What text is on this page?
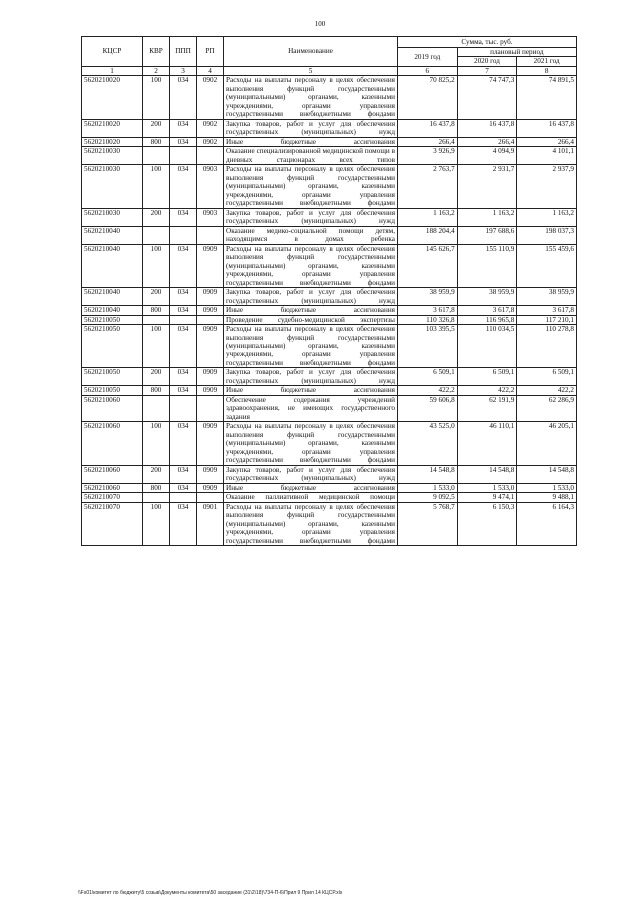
100
КЦСР	КВР	ППП	РП	Наименование	Сумма, тыс. руб.		
					2019 год	плановый период	
						2020 год	2021 год
1	2	3	4	5	6	7	8
5620210020	100	034	0902	Расходы на выплаты персоналу в целях обеспечения выполнения функций государственными (муниципальными) органами, казенными учреждениями, органами управления государственными внебюджетными фондами	70 825,2	74 747,3	74 891,5
5620210020	200	034	0902	Закупка товаров, работ и услуг для обеспечения государственных (муниципальных) нужд	16 437,8	16 437,8	16 437,8
5620210020	800	034	0902	Иные бюджетные ассигнования	266,4	266,4	266,4
5620210030				Оказание специализированной медицинской помощи в дневных стационарах всех типов	3 926,9	4 094,9	4 101,1
5620210030	100	034	0903	Расходы на выплаты персоналу в целях обеспечения выполнения функций государственными (муниципальными) органами, казенными учреждениями, органами управления государственными внебюджетными фондами	2 763,7	2 931,7	2 937,9
5620210030	200	034	0903	Закупка товаров, работ и услуг для обеспечения государственных (муниципальных) нужд	1 163,2	1 163,2	1 163,2
5620210040				Оказание медико-социальной помощи детям, находящимся в домах ребенка	188 204,4	197 688,6	198 037,3
5620210040	100	034	0909	Расходы на выплаты персоналу в целях обеспечения выполнения функций государственными (муниципальными) органами, казенными учреждениями, органами управления государственными внебюджетными фондами	145 626,7	155 110,9	155 459,6
5620210040	200	034	0909	Закупка товаров, работ и услуг для обеспечения государственных (муниципальных) нужд	38 959,9	38 959,9	38 959,9
5620210040	800	034	0909	Иные бюджетные ассигнования	3 617,8	3 617,8	3 617,8
5620210050				Проведение судебно-медицинской экспертизы	110 326,8	116 965,8	117 210,1
5620210050	100	034	0909	Расходы на выплаты персоналу в целях обеспечения выполнения функций государственными (муниципальными) органами, казенными учреждениями, органами управления государственными внебюджетными фондами	103 395,5	110 034,5	110 278,8
5620210050	200	034	0909	Закупка товаров, работ и услуг для обеспечения государственных (муниципальных) нужд	6 509,1	6 509,1	6 509,1
5620210050	800	034	0909	Иные бюджетные ассигнования	422,2	422,2	422,2
5620210060				Обеспечение содержания учреждений здравоохранения, не имеющих государственного задания	59 606,8	62 191,9	62 286,9
5620210060	100	034	0909	Расходы на выплаты персоналу в целях обеспечения выполнения функций государственными (муниципальными) органами, казенными учреждениями, органами управления государственными внебюджетными фондами	43 525,0	46 110,1	46 205,1
5620210060	200	034	0909	Закупка товаров, работ и услуг для обеспечения государственных (муниципальных) нужд	14 548,8	14 548,8	14 548,8
5620210060	800	034	0909	Иные бюджетные ассигнования	1 533,0	1 533,0	1 533,0
5620210070				Оказание паллиативной медицинской помощи	9 092,5	9 474,1	9 488,1
5620210070	100	034	0901	Расходы на выплаты персоналу в целях обеспечения выполнения функций государственными (муниципальными) органами, казенными учреждениями, органами управления государственными внебюджетными фондами	5 768,7	6 150,3	6 164,3
\\Fs01\комитет по бюджету\5 созыв\Документы комитета\50 заседание (31\2\18)\734-П-6\Прил 9 Прил 14 КЦСР.xls
